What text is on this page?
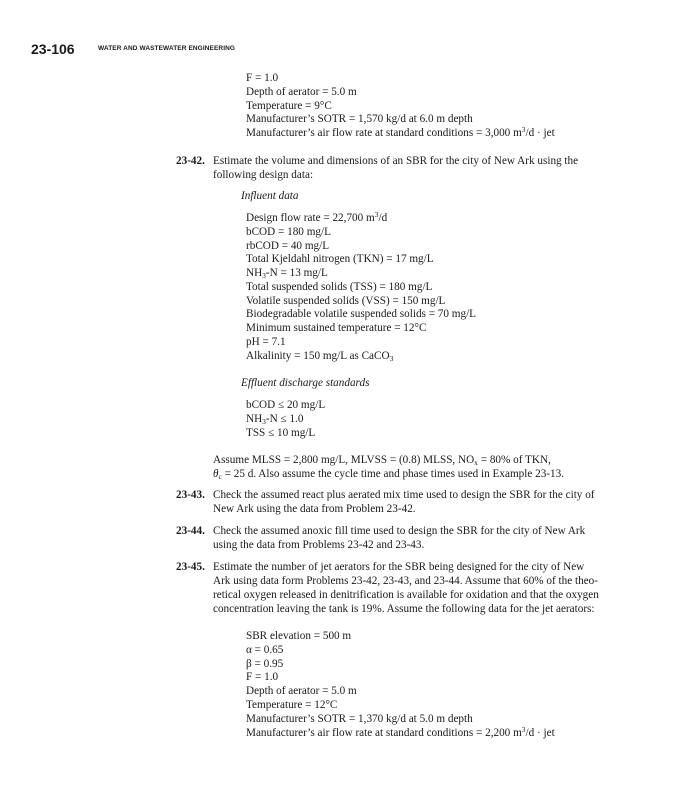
23-106	WATER AND WASTEWATER ENGINEERING
F = 1.0
Depth of aerator = 5.0 m
Temperature = 9°C
Manufacturer’s SOTR = 1,570 kg/d at 6.0 m depth
Manufacturer’s air flow rate at standard conditions = 3,000 $m^3/d$ · jet
23-42. Estimate the volume and dimensions of an SBR for the city of New Ark using the
following design data:
Influent data
Design flow rate = 22,700 $m^3/d$
bCOD = 180 mg/L
rbCOD = 40 mg/L
Total Kjeldahl nitrogen (TKN) = 17 mg/L
$NH_3-N = 13$ mg/L
Total suspended solids (TSS) = 180 mg/L
Volatile suspended solids (VSS) = 150 mg/L
Biodegradable volatile suspended solids = 70 mg/L
Minimum sustained temperature = 12°C
pH = 7.1
Alkalinity = 150 mg/L as CaCO$_3$
Effluent discharge standards
bCOD ≤ 20 mg/L
$NH_3-N \le 1.0$
TSS ≤ 10 mg/L
Assume MLSS = 2,800 mg/L, MLVSS = (0.8) MLSS, $NO_x = 80\%$ of TKN,
$\theta_c = 25$ d. Also assume the cycle time and phase times used in Example 23-13.
23-43. Check the assumed react plus aerated mix time used to design the SBR for the city of
New Ark using the data from Problem 23-42.
23-44. Check the assumed anoxic fill time used to design the SBR for the city of New Ark
using the data from Problems 23-42 and 23-43.
23-45. Estimate the number of jet aerators for the SBR being designed for the city of New
Ark using data form Problems 23-42, 23-43, and 23-44. Assume that 60% of the theo-
retical oxygen released in denitrification is available for oxidation and that the oxygen
concentration leaving the tank is 19%. Assume the following data for the jet aerators:
SBR elevation = 500 m
α = 0.65
β = 0.95
F = 1.0
Depth of aerator = 5.0 m
Temperature = 12°C
Manufacturer’s SOTR = 1,370 kg/d at 5.0 m depth
Manufacturer’s air flow rate at standard conditions = 2,200 $m^3/d$ · jet
